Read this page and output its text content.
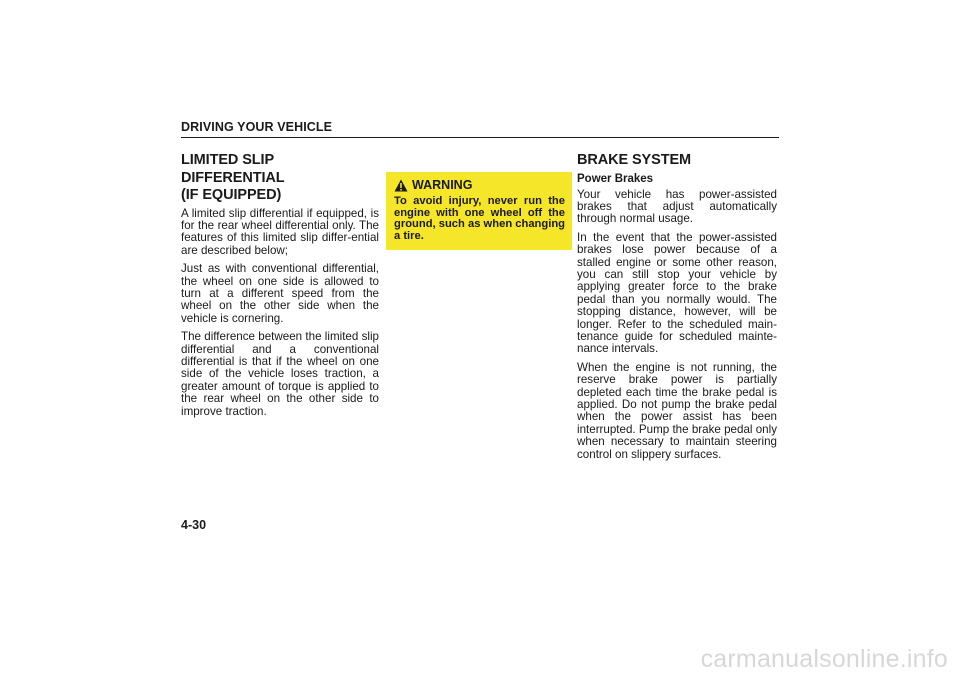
DRIVING YOUR VEHICLE
LIMITED SLIP DIFFERENTIAL
(IF EQUIPPED)

A limited slip differential if equipped, is for the rear wheel differential only. The features of this limited slip differ-ential are described below;

Just as with conventional differential, the wheel on one side is allowed to turn at a different speed from the wheel on the other side when the vehicle is cornering.

The difference between the limited slip differential and a conventional differential is that if the wheel on one side of the vehicle loses traction, a greater amount of torque is applied to the rear wheel on the other side to improve traction.

WARNING
To avoid injury, never run the engine with one wheel off the ground, such as when changing a tire.
BRAKE SYSTEM
Power Brakes

Your vehicle has power-assisted brakes that adjust automatically through normal usage.

In the event that the power-assisted brakes lose power because of a stalled engine or some other reason, you can still stop your vehicle by applying greater force to the brake pedal than you normally would. The stopping distance, however, will be longer. Refer to the scheduled main-tenance guide for scheduled mainte-nance intervals.

When the engine is not running, the reserve brake power is partially depleted each time the brake pedal is applied. Do not pump the brake pedal when the power assist has been interrupted. Pump the brake pedal only when necessary to maintain steering control on slippery surfaces.

4-30
carmanualsonline.info
